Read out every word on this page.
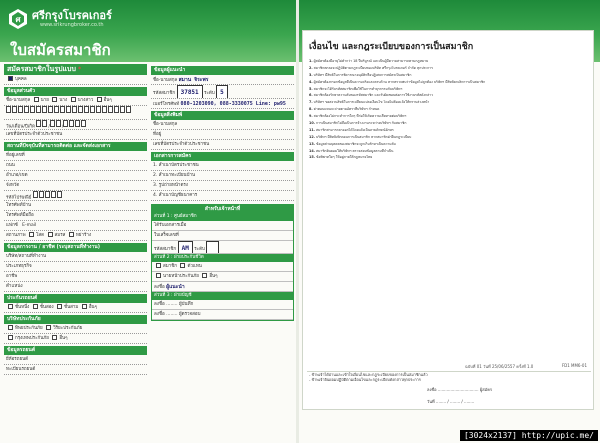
ศ ศรีกรุงโบรคเกอร์
www.srikrungbroker.co.th
ใบสมัครสมาชิก
สมัครสมาชิกในรูปแบบ *
บุคคล
ข้อมูลส่วนตัว
ชื่อ-นามสกุล นาย นาง นางสาว อื่นๆ
วัน/เดือน/ปีเกิด	/	/
เลขที่บัตรประจำตัวประชาชน
สถานที่ปัจจุบันที่สามารถติดต่อ และจัดส่งเอกสาร
ที่อยู่เลขที่
ถนน
อำเภอ/เขต
จังหวัด
รหัสไปรษณีย์
โทรศัพท์บ้าน
โทรศัพท์มือถือ
แฟกซ์ E-mail
สถานภาพ โสด สมรส หย่าร้าง
ข้อมูลการงาน / อาชีพ (ระบุสถานที่ทำงาน)
บริษัท/สถานที่ทำงาน
ประเภทธุรกิจ
อาชีพ
ตำแหน่ง
ประกันรถยนต์
ชั้นหนึ่ง ชั้นสอง ชั้นสาม อื่นๆ
บริษัทประกันภัย
ทิพยประกันภัย วิริยะประกันภัย
กรุงเทพประกันภัย อื่นๆ
ข้อมูลรถยนต์
ยี่ห้อรถยนต์
ทะเบียนรถยนต์
ข้อมูลผู้แนะนำ
ชื่อ-นามสกุล สมาน จิระพร
รหัสสมาชิก 37851 ระดับ 5
เบอร์โทรศัพท์ 080-1203090, 088-3330075 Line: pw95
ข้อมูลสิ่งพิมพ์
ชื่อ-นามสกุล
ที่อยู่
เลขที่บัตรประจำตัวประชาชน
เอกสารการสมัคร
1. สำเนาบัตรประชาชน
2. สำเนาทะเบียนบ้าน
3. รูปถ่ายหน้าตรง
4. สำเนาบัญชีธนาคาร
สำหรับเจ้าหน้าที่
ส่วนที่ 1 : ศูนย์สมาชิก
ได้รับเอกสารเมื่อ
ใบเสร็จเลขที่
รหัสสมาชิก AM ระดับ
ส่วนที่ 2 : ฝ่ายประกันชีวิต
สมาชิก ตัวแทน
นายหน้าประกันภัย อื่นๆ
ลงชื่อ ผู้แนะนำ
ส่วนที่ 3 : ฝ่ายบัญชี
ลงชื่อ ........ ผู้บันทึก
ลงชื่อ ........ ผู้ตรวจสอบ
เงื่อนไข และกฎระเบียบของการเป็นสมาชิก
1.ผู้สมัครต้องมีอายุไม่ต่ำกว่า 18 ปีบริบูรณ์ และเป็นผู้มีความสามารถตามกฎหมาย
2.สมาชิกตกลงจะปฏิบัติตามกฎระเบียบของบริษัท ศรีกรุงโบรคเกอร์ จำกัด ทุกประการ
3.บริษัทฯ มีสิทธิ์ในการพิจารณาอนุมัติหรือปฏิเสธการสมัครเป็นสมาชิก
4.ผู้สมัครต้องกรอกข้อมูลที่เป็นความจริงและครบถ้วน หากตรวจพบว่าข้อมูลไม่ถูกต้อง บริษัทฯ มีสิทธิ์ยกเลิกการเป็นสมาชิก
5.สมาชิกจะได้รับรหัสสมาชิกเพื่อใช้ในการทำธุรกรรมกับบริษัทฯ
6.สมาชิกต้องรักษาความลับของรหัสสมาชิก และรับผิดชอบต่อการใช้งานรหัสดังกล่าว
7.บริษัทฯ ขอสงวนสิทธิ์ในการเปลี่ยนแปลงเงื่อนไข โดยไม่ต้องแจ้งให้ทราบล่วงหน้า
8.ค่าตอบแทนจะจ่ายตามอัตราที่บริษัทฯ กำหนด
9.สมาชิกต้องไม่กระทำการใดๆ ที่ก่อให้เกิดความเสียหายต่อบริษัทฯ
10.การเป็นสมาชิกไม่ถือเป็นการจ้างงานระหว่างบริษัทฯ กับสมาชิก
11.สมาชิกสามารถลาออกได้โดยแจ้งเป็นลายลักษณ์อักษร
12.บริษัทฯ มีสิทธิ์เพิกถอนการเป็นสมาชิก หากสมาชิกฝ่าฝืนกฎระเบียบ
13.ข้อมูลส่วนบุคคลของสมาชิกจะถูกเก็บรักษาเป็นความลับ
14.สมาชิกยินยอมให้บริษัทฯ ตรวจสอบข้อมูลตามที่จำเป็น
15.ข้อพิพาทใดๆ ให้อยู่ภายใต้กฎหมายไทย
ฉบับที่ 01 วันที่ 25/06/2557 ครั้งที่ 1.0	FD1 MM6-01
- ข้าพเจ้าได้อ่านและเข้าใจเงื่อนไขและกฎระเบียบของการเป็นสมาชิกแล้ว
- ข้าพเจ้ายินยอมปฏิบัติตามเงื่อนไขและกฎระเบียบดังกล่าวทุกประการ
ลงชื่อ ................................ ผู้สมัคร
วันที่ ........ / ........ / ........
[3024x2137] http://upic.me/
